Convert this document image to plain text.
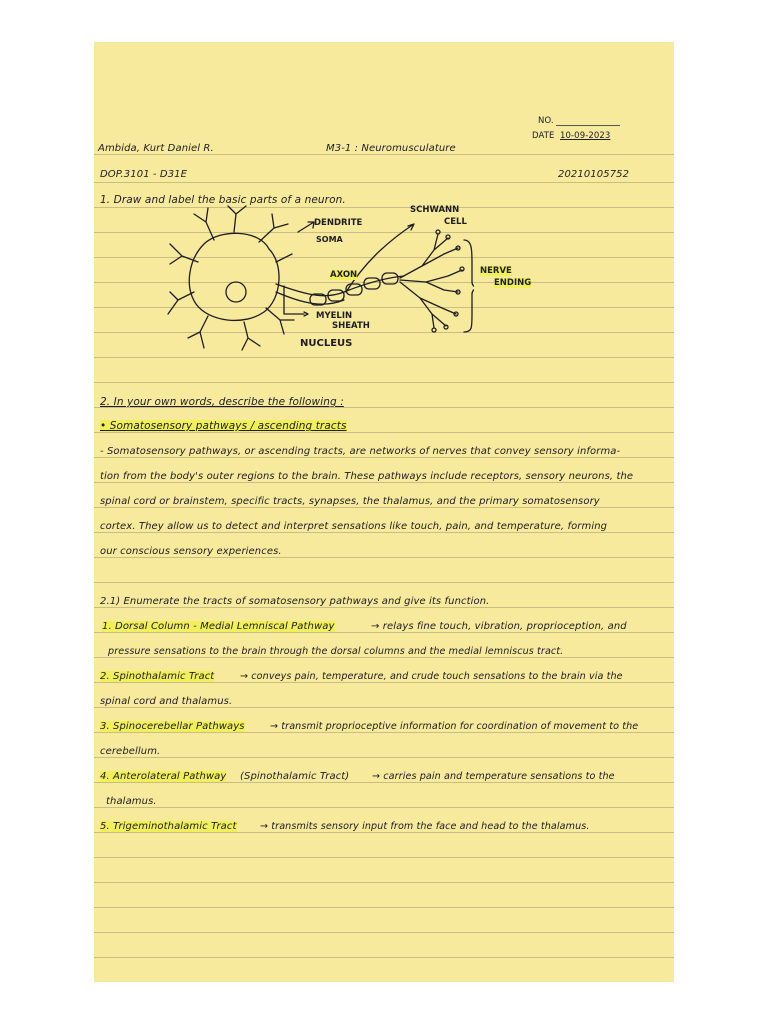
NO.
DATE 10-09-2023
Ambida, Kurt Daniel R.	M3-1 : Neuromusculature
DOP.3101 - D31E	20210105752
1. Draw and label the basic parts of a neuron.
DENDRITE
SOMA
SCHWANN
CELL
AXON
MYELIN
SHEATH
NUCLEUS
NERVE
ENDING
2. In your own words, describe the following :
• Somatosensory pathways / ascending tracts
- Somatosensory pathways, or ascending tracts, are networks of nerves that convey sensory informa-
tion from the body's outer regions to the brain. These pathways include receptors, sensory neurons, the
spinal cord or brainstem, specific tracts, synapses, the thalamus, and the primary somatosensory
cortex. They allow us to detect and interpret sensations like touch, pain, and temperature, forming
our conscious sensory experiences.
2.1) Enumerate the tracts of somatosensory pathways and give its function.
1. Dorsal Column - Medial Lemniscal Pathway	→ relays fine touch, vibration, proprioception, and
pressure sensations to the brain through the dorsal columns and the medial lemniscus tract.
2. Spinothalamic Tract	→ conveys pain, temperature, and crude touch sensations to the brain via the
spinal cord and thalamus.
3. Spinocerebellar Pathways	→ transmit proprioceptive information for coordination of movement to the
cerebellum.
4. Anterolateral Pathway (Spinothalamic Tract) → carries pain and temperature sensations to the
thalamus.
5. Trigeminothalamic Tract → transmits sensory input from the face and head to the thalamus.
